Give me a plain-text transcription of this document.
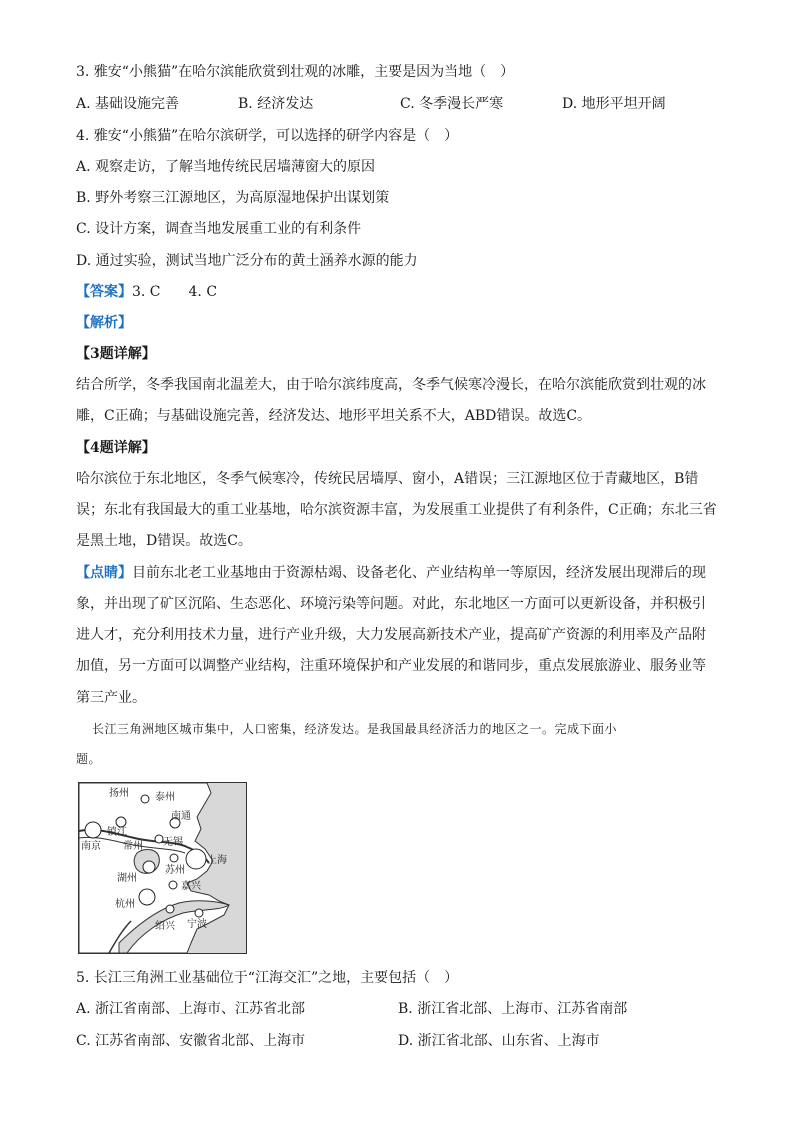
3. 雅安“小熊猫”在哈尔滨能欣赏到壮观的冰雕，主要是因为当地（　）
A. 基础设施完善	B. 经济发达	C. 冬季漫长严寒	D. 地形平坦开阔
4. 雅安“小熊猫”在哈尔滨研学，可以选择的研学内容是（　）
A. 观察走访，了解当地传统民居墙薄窗大的原因
B. 野外考察三江源地区，为高原湿地保护出谋划策
C. 设计方案，调查当地发展重工业的有利条件
D. 通过实验，测试当地广泛分布的黄土涵养水源的能力
【答案】3. C　　4. C
【解析】
【3题详解】
结合所学，冬季我国南北温差大，由于哈尔滨纬度高，冬季气候寒冷漫长，在哈尔滨能欣赏到壮观的冰
雕，C正确；与基础设施完善，经济发达、地形平坦关系不大，ABD错误。故选C。
【4题详解】
哈尔滨位于东北地区，冬季气候寒冷，传统民居墙厚、窗小，A错误；三江源地区位于青藏地区，B错
误；东北有我国最大的重工业基地，哈尔滨资源丰富，为发展重工业提供了有利条件，C正确；东北三省
是黑土地，D错误。故选C。
【点睛】目前东北老工业基地由于资源枯竭、设备老化、产业结构单一等原因，经济发展出现滞后的现
象，并出现了矿区沉陷、生态恶化、环境污染等问题。对此，东北地区一方面可以更新设备，并积极引
进人才，充分利用技术力量，进行产业升级，大力发展高新技术产业，提高矿产资源的利用率及产品附
加值，另一方面可以调整产业结构，注重环境保护和产业发展的和谐同步，重点发展旅游业、服务业等
第三产业。
长江三角洲地区城市集中，人口密集，经济发达。是我国最具经济活力的地区之一。完成下面小
题。
扬州	泰州
南通
镇江
南京 常州 无锡
上海
苏州
湖州
嘉兴
杭州
绍兴 宁波
5. 长江三角洲工业基础位于“江海交汇”之地，主要包括（　）
A. 浙江省南部、上海市、江苏省北部	B. 浙江省北部、上海市、江苏省南部
C. 江苏省南部、安徽省北部、上海市	D. 浙江省北部、山东省、上海市
